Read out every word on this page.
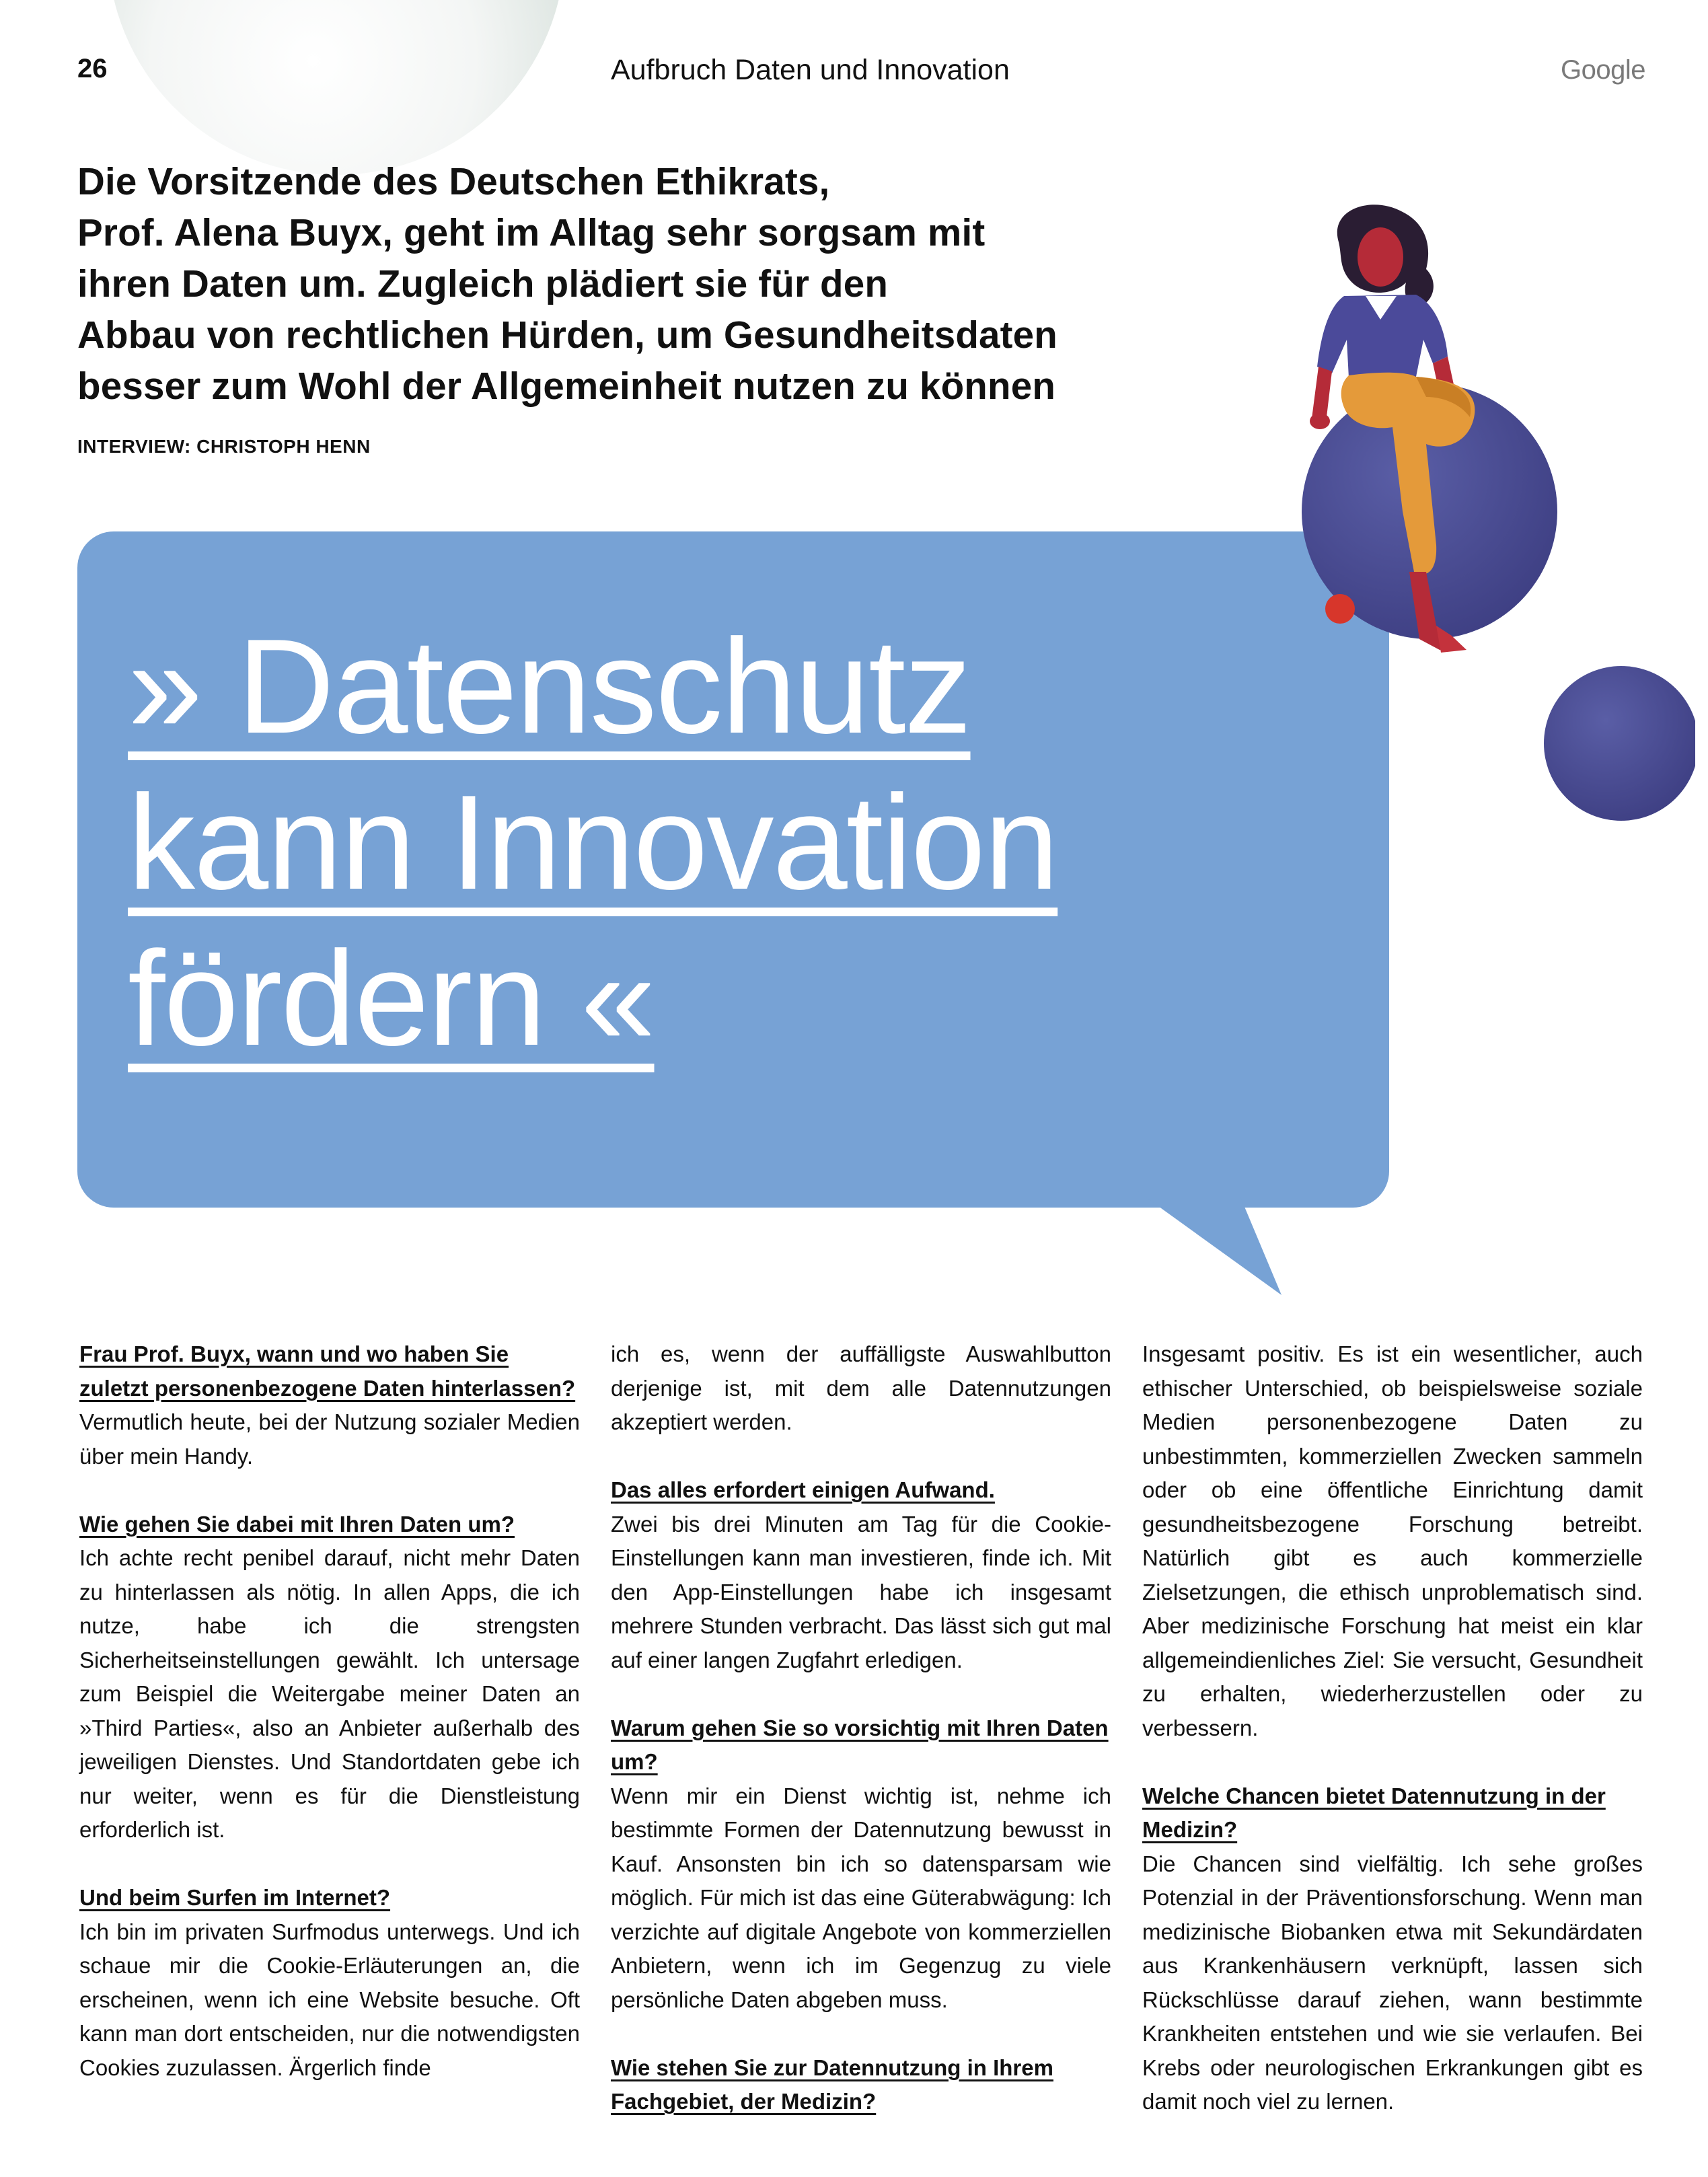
26	Aufbruch Daten und Innovation	Google
Die Vorsitzende des Deutschen Ethikrats,
Prof. Alena Buyx, geht im Alltag sehr sorgsam mit
ihren Daten um. Zugleich plädiert sie für den
Abbau von rechtlichen Hürden, um Gesundheitsdaten
besser zum Wohl der Allgemeinheit nutzen zu können
INTERVIEW: CHRISTOPH HENN
» Datenschutz
kann Innovation
fördern «

Frau Prof. Buyx, wann und wo haben Sie zuletzt personenbezogene Daten hinterlassen?
Vermutlich heute, bei der Nutzung sozialer Medien über mein Handy.

Wie gehen Sie dabei mit Ihren Daten um?
Ich achte recht penibel darauf, nicht mehr Daten zu hinterlassen als nötig. In allen Apps, die ich nutze, habe ich die strengsten Sicherheitseinstellungen gewählt. Ich untersage zum Beispiel die Weitergabe meiner Daten an »Third Parties«, also an Anbieter außerhalb des jeweiligen Dienstes. Und Standortdaten gebe ich nur weiter, wenn es für die Dienstleistung erforderlich ist.

Und beim Surfen im Internet?
Ich bin im privaten Surfmodus unterwegs. Und ich schaue mir die Cookie-Erläuterungen an, die erscheinen, wenn ich eine Website besuche. Oft kann man dort entscheiden, nur die notwendigsten Cookies zuzulassen. Ärgerlich finde

ich es, wenn der auffälligste Auswahlbutton derjenige ist, mit dem alle Datennutzungen akzeptiert werden.

Das alles erfordert einigen Aufwand.
Zwei bis drei Minuten am Tag für die Cookie-Einstellungen kann man investieren, finde ich. Mit den App-Einstellungen habe ich insgesamt mehrere Stunden verbracht. Das lässt sich gut mal auf einer langen Zugfahrt erledigen.

Warum gehen Sie so vorsichtig mit Ihren Daten um?
Wenn mir ein Dienst wichtig ist, nehme ich bestimmte Formen der Datennutzung bewusst in Kauf. Ansonsten bin ich so datensparsam wie möglich. Für mich ist das eine Güterabwägung: Ich verzichte auf digitale Angebote von kommerziellen Anbietern, wenn ich im Gegenzug zu viele persönliche Daten abgeben muss.

Wie stehen Sie zur Datennutzung in Ihrem Fachgebiet, der Medizin?

Insgesamt positiv. Es ist ein wesentlicher, auch ethischer Unterschied, ob beispielsweise soziale Medien personenbezogene Daten zu unbestimmten, kommerziellen Zwecken sammeln oder ob eine öffentliche Einrichtung damit gesundheitsbezogene Forschung betreibt. Natürlich gibt es auch kommerzielle Zielsetzungen, die ethisch unproblematisch sind. Aber medizinische Forschung hat meist ein klar allgemeindienliches Ziel: Sie versucht, Gesundheit zu erhalten, wiederherzustellen oder zu verbessern.

Welche Chancen bietet Datennutzung in der Medizin?
Die Chancen sind vielfältig. Ich sehe großes Potenzial in der Präventionsforschung. Wenn man medizinische Biobanken etwa mit Sekundärdaten aus Krankenhäusern verknüpft, lassen sich Rückschlüsse darauf ziehen, wann bestimmte Krankheiten entstehen und wie sie verlaufen. Bei Krebs oder neurologischen Erkrankungen gibt es damit noch viel zu lernen.
